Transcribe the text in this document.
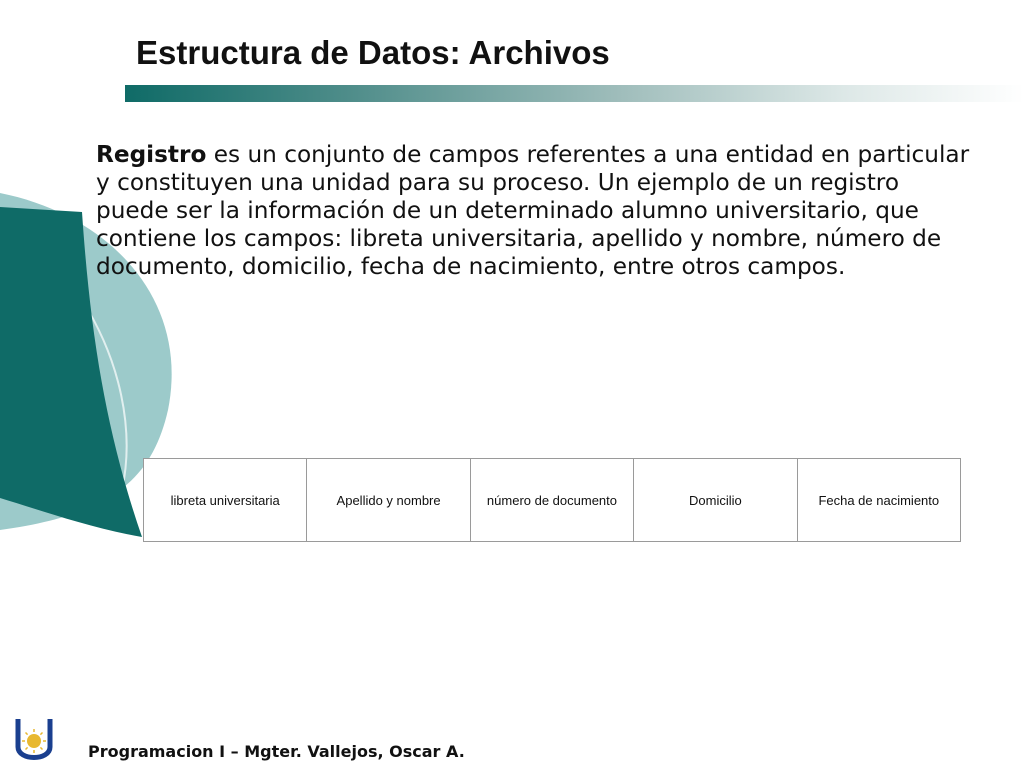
Estructura de Datos: Archivos

Registro es un conjunto de campos referentes a una entidad en particular y constituyen una unidad para su proceso. Un ejemplo de un registro puede ser la información de un determinado alumno universitario, que contiene los campos: libreta universitaria, apellido y nombre, número de documento, domicilio, fecha de nacimiento, entre otros campos.

libreta universitaria	Apellido y nombre	número de documento	Domicilio	Fecha de nacimiento
Programacion I – Mgter. Vallejos, Oscar A.
